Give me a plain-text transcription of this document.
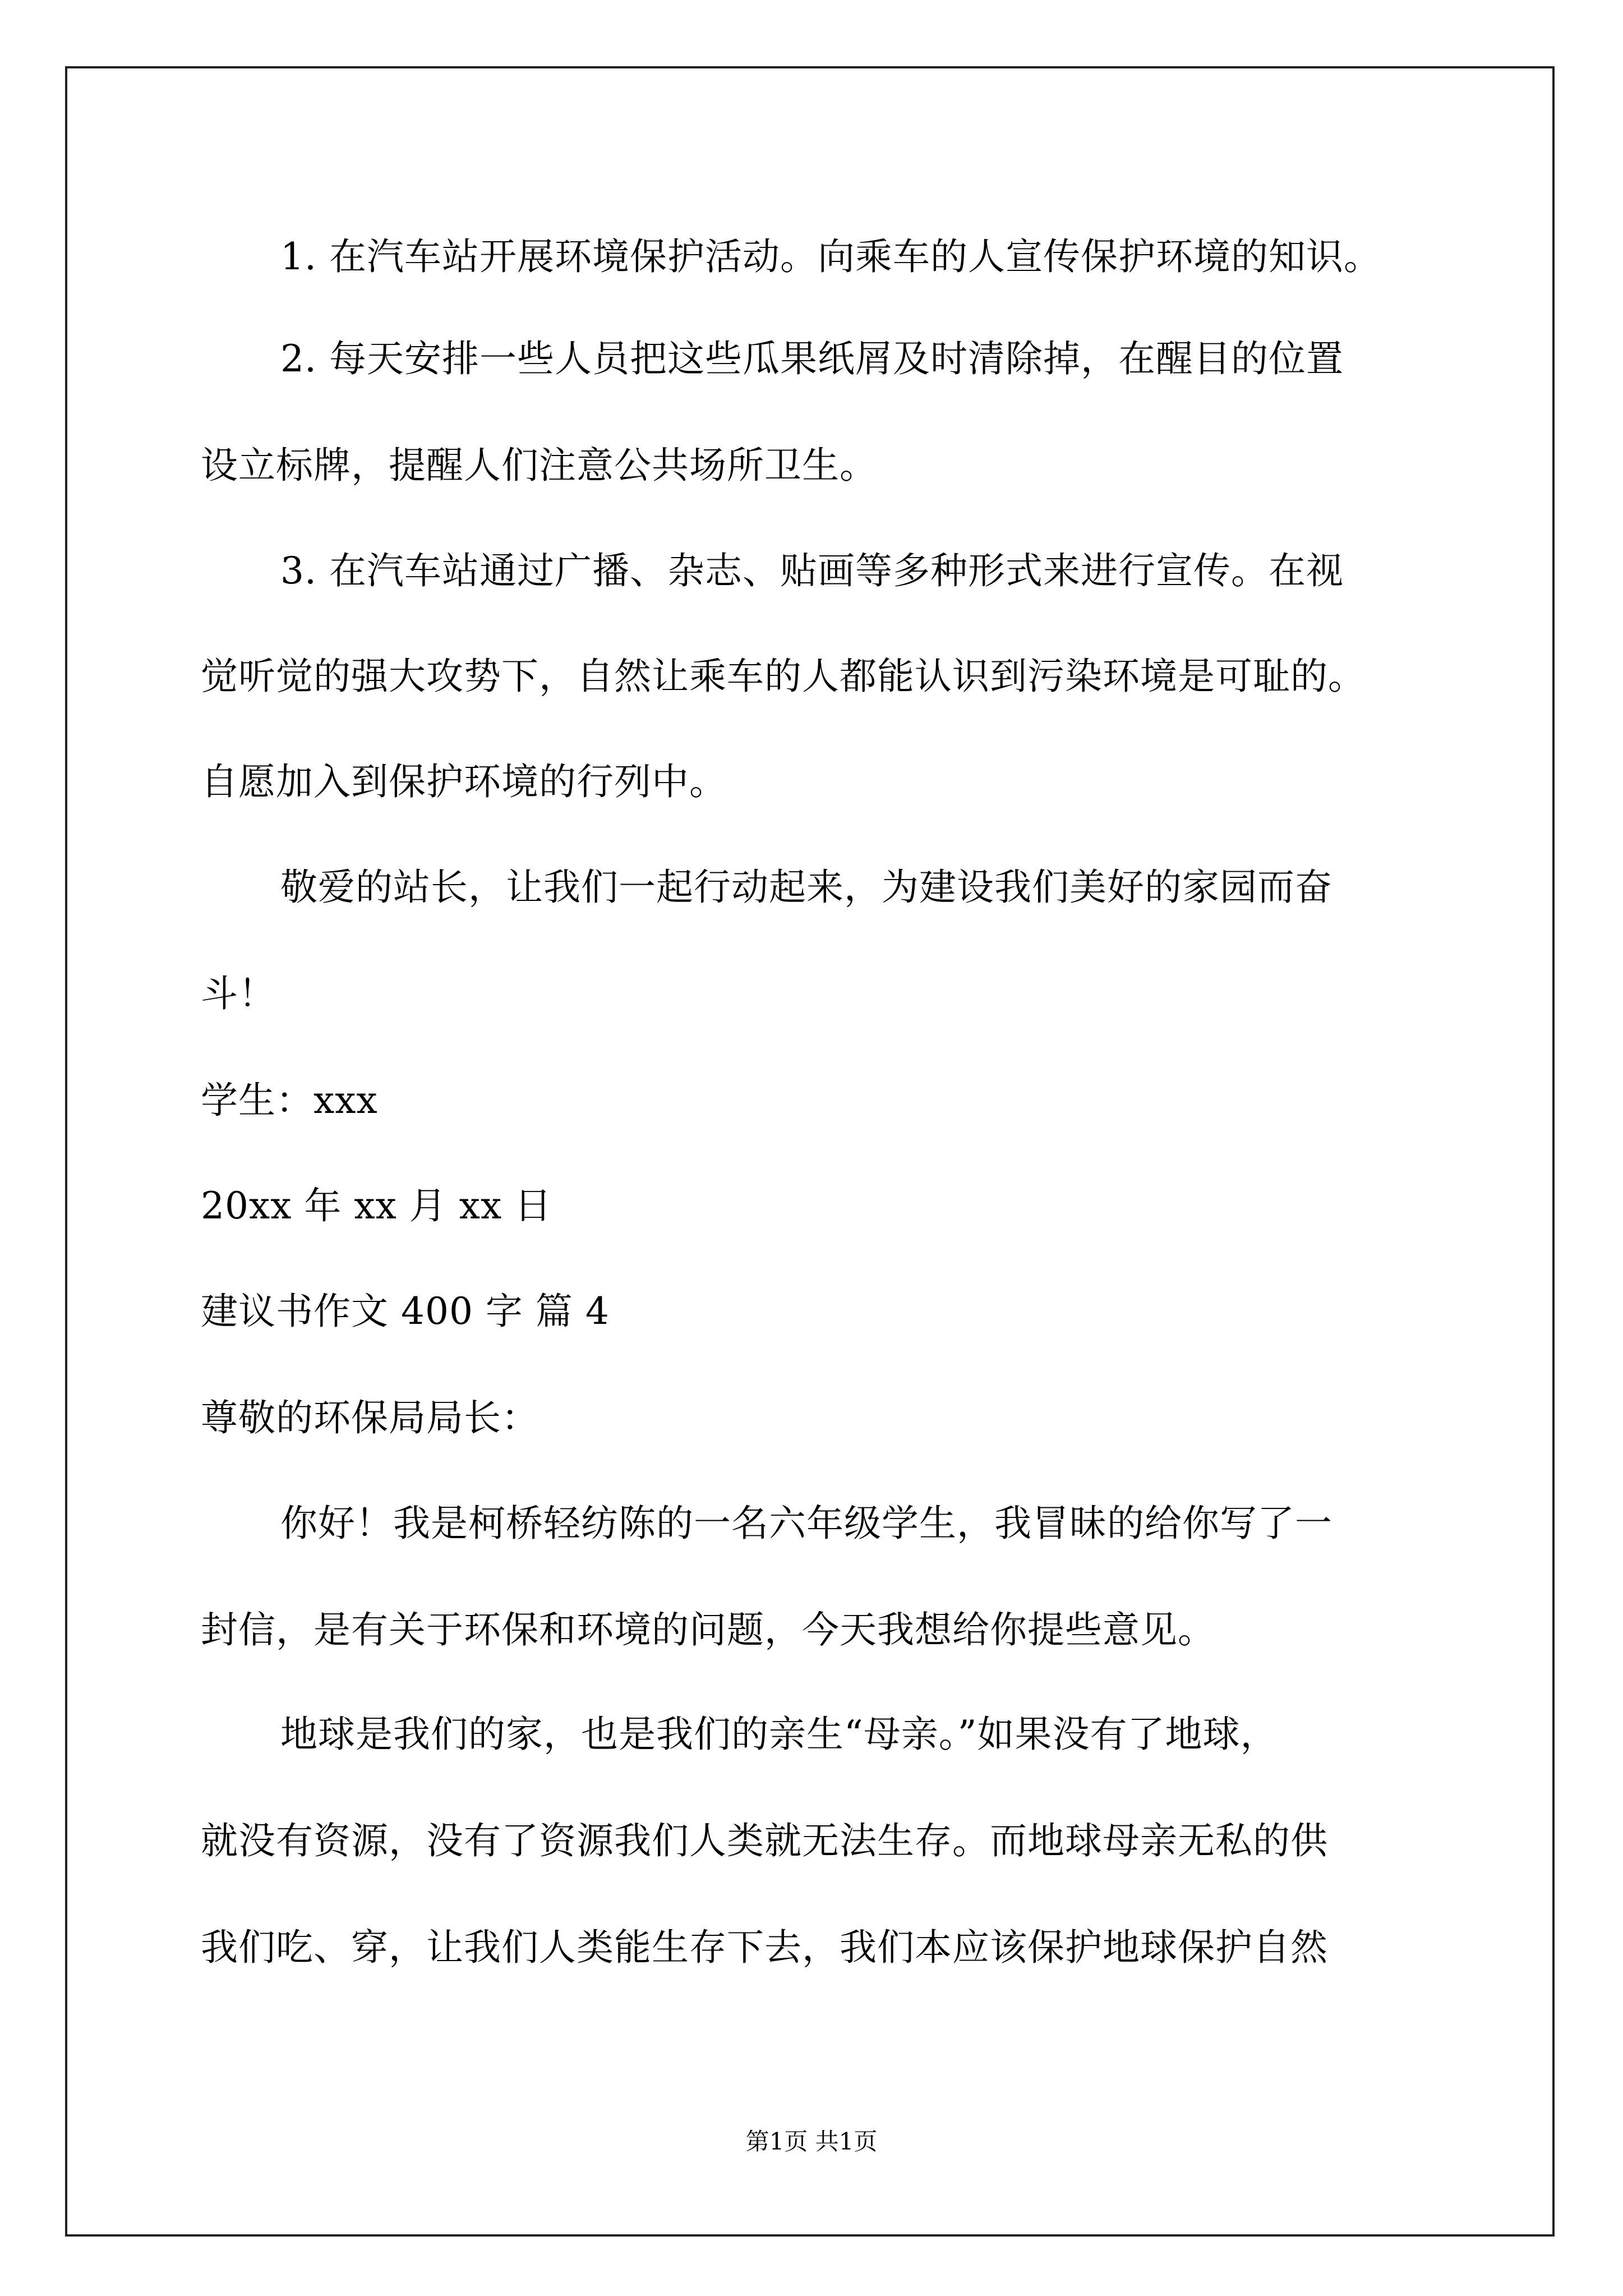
1. 在汽车站开展环境保护活动。向乘车的人宣传保护环境的知识。
2. 每天安排一些人员把这些瓜果纸屑及时清除掉，在醒目的位置
设立标牌，提醒人们注意公共场所卫生。
3. 在汽车站通过广播、杂志、贴画等多种形式来进行宣传。在视
觉听觉的强大攻势下，自然让乘车的人都能认识到污染环境是可耻的。
自愿加入到保护环境的行列中。
敬爱的站长，让我们一起行动起来，为建设我们美好的家园而奋
斗！
学生：xxx
20xx 年 xx 月 xx 日
建议书作文 400 字 篇 4
尊敬的环保局局长：
你好！我是柯桥轻纺陈的一名六年级学生，我冒昧的给你写了一
封信，是有关于环保和环境的问题，今天我想给你提些意见。
地球是我们的家，也是我们的亲生“母亲。”如果没有了地球，
就没有资源，没有了资源我们人类就无法生存。而地球母亲无私的供
我们吃、穿，让我们人类能生存下去，我们本应该保护地球保护自然
第1页 共1页
